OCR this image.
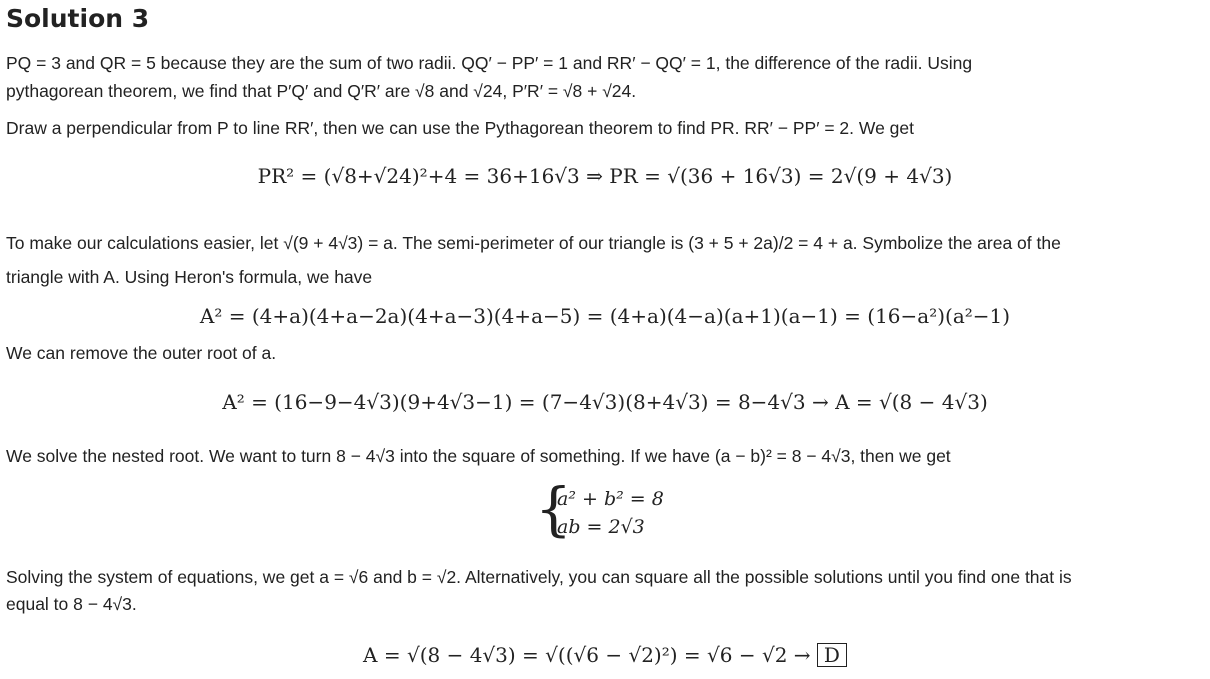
Solution 3
PQ = 3 and QR = 5 because they are the sum of two radii. QQ′ − PP′ = 1 and RR′ − QQ′ = 1, the difference of the radii. Using
pythagorean theorem, we find that P′Q′ and Q′R′ are √8 and √24, P′R′ = √8 + √24.
Draw a perpendicular from P to line RR′, then we can use the Pythagorean theorem to find PR. RR′ − PP′ = 2. We get
PR² = (√8+√24)²+4 = 36+16√3 ⇒ PR = √(36 + 16√3) = 2√(9 + 4√3)
To make our calculations easier, let √(9 + 4√3) = a. The semi-perimeter of our triangle is (3 + 5 + 2a)/2 = 4 + a. Symbolize the area of the
triangle with A. Using Heron's formula, we have
A² = (4+a)(4+a−2a)(4+a−3)(4+a−5) = (4+a)(4−a)(a+1)(a−1) = (16−a²)(a²−1)
We can remove the outer root of a.
A² = (16−9−4√3)(9+4√3−1) = (7−4√3)(8+4√3) = 8−4√3 → A = √(8 − 4√3)
We solve the nested root. We want to turn 8 − 4√3 into the square of something. If we have (a − b)² = 8 − 4√3, then we get
{
a² + b² = 8
ab = 2√3
Solving the system of equations, we get a = √6 and b = √2. Alternatively, you can square all the possible solutions until you find one that is
equal to 8 − 4√3.
A = √(8 − 4√3) = √((√6 − √2)²) = √6 − √2 → D
